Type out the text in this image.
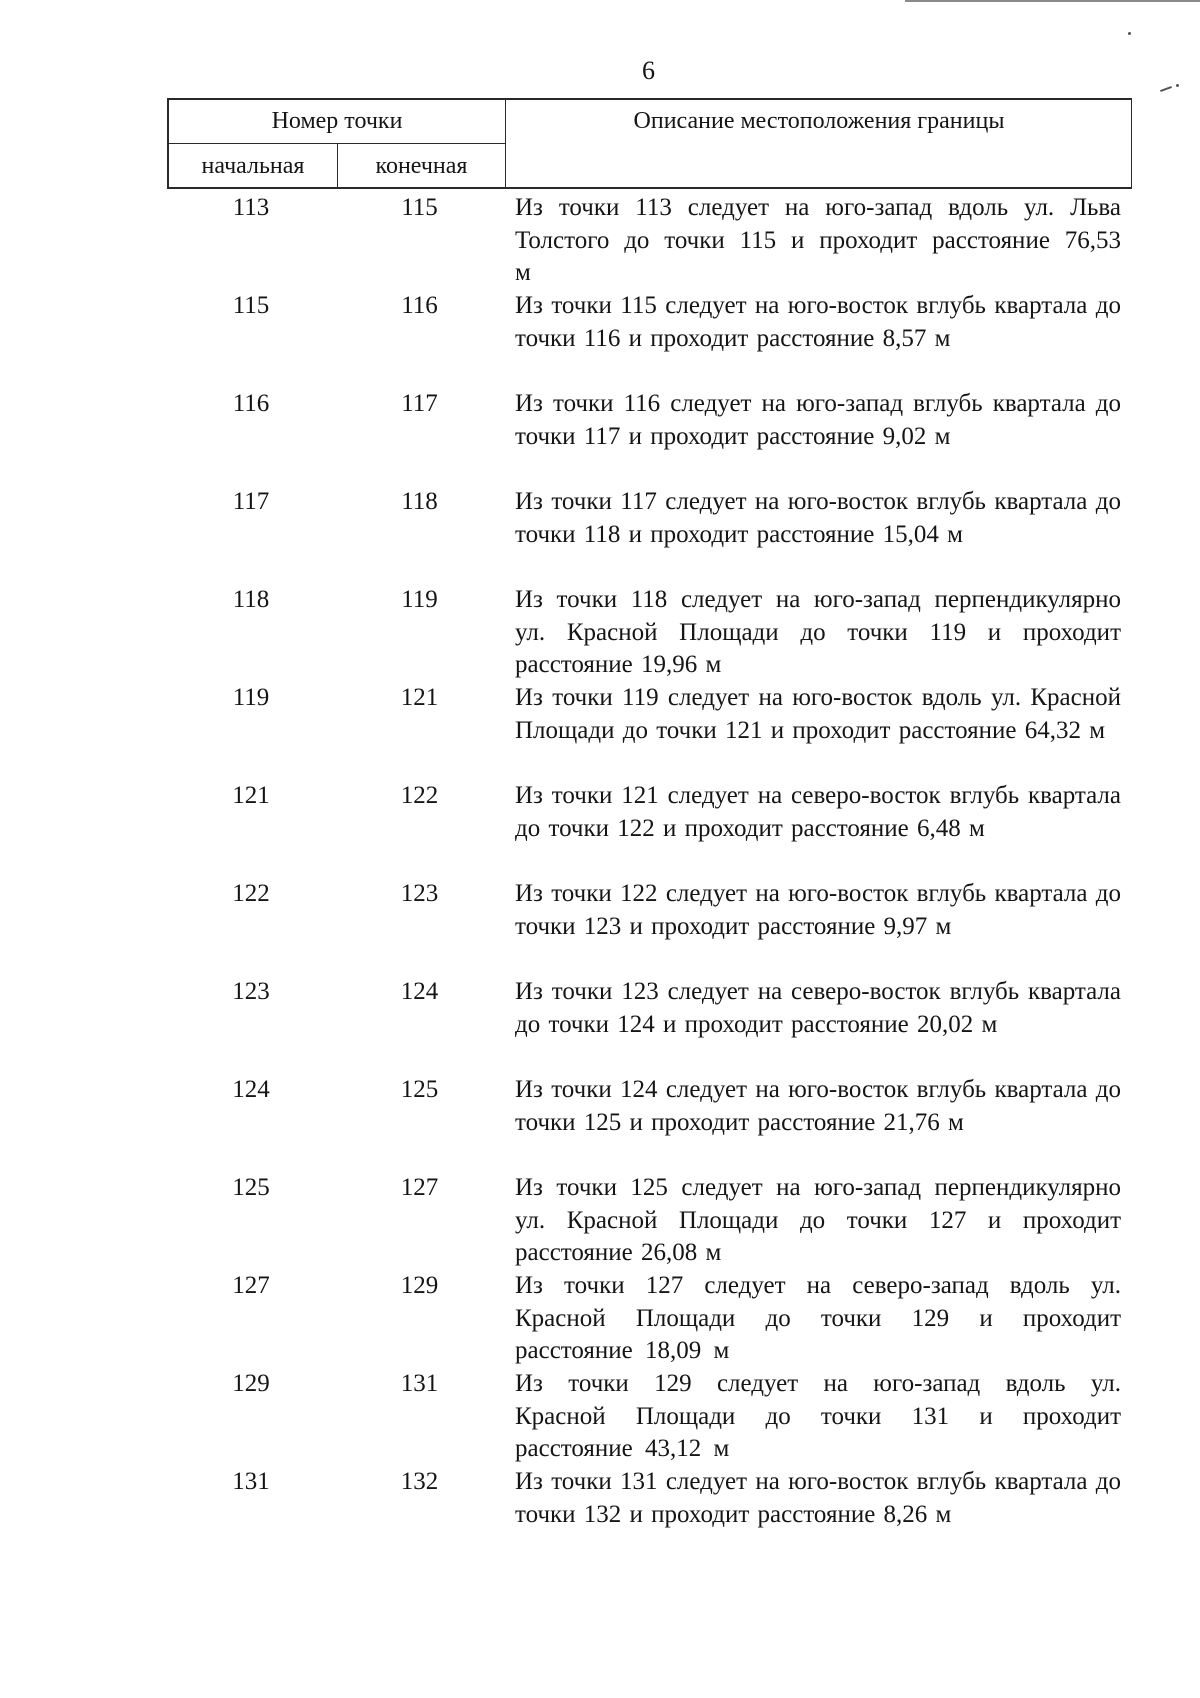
6
Номер точки	Описание местоположения границы
начальная	конечная
113	115	Из точки 113 следует на юго-запад вдоль ул. Льва Толстого до точки 115 и проходит расстояние 76,53 м
115	116	Из точки 115 следует на юго-восток вглубь квартала до точки 116 и проходит расстояние 8,57 м
116	117	Из точки 116 следует на юго-запад вглубь квартала до точки 117 и проходит расстояние 9,02 м
117	118	Из точки 117 следует на юго-восток вглубь квартала до точки 118 и проходит расстояние 15,04 м
118	119	Из точки 118 следует на юго-запад перпендикулярно ул. Красной Площади до точки 119 и проходит расстояние 19,96 м
119	121	Из точки 119 следует на юго-восток вдоль ул. Красной Площади до точки 121 и проходит расстояние 64,32 м
121	122	Из точки 121 следует на северо-восток вглубь квартала до точки 122 и проходит расстояние 6,48 м
122	123	Из точки 122 следует на юго-восток вглубь квартала до точки 123 и проходит расстояние 9,97 м
123	124	Из точки 123 следует на северо-восток вглубь квартала до точки 124 и проходит расстояние 20,02 м
124	125	Из точки 124 следует на юго-восток вглубь квартала до точки 125 и проходит расстояние 21,76 м
125	127	Из точки 125 следует на юго-запад перпендикулярно ул. Красной Площади до точки 127 и проходит расстояние 26,08 м
127	129	Из точки 127 следует на северо-запад вдоль ул. Красной Площади до точки 129 и проходит расстояние 18,09 м
129	131	Из точки 129 следует на юго-запад вдоль ул. Красной Площади до точки 131 и проходит расстояние 43,12 м
131	132	Из точки 131 следует на юго-восток вглубь квартала до точки 132 и проходит расстояние 8,26 м
